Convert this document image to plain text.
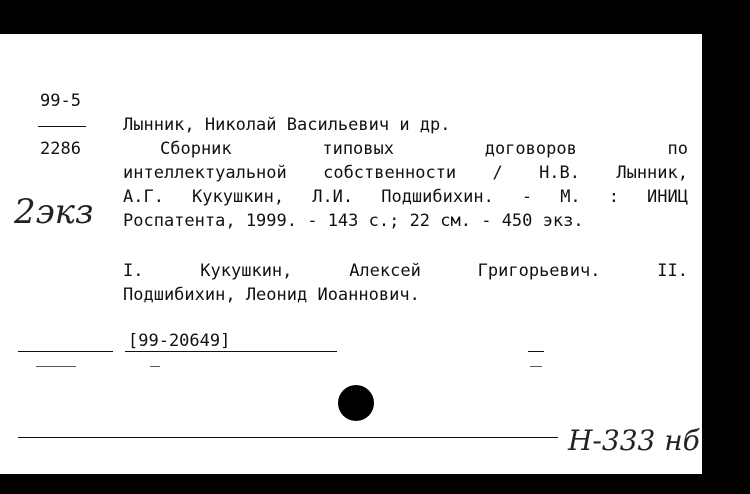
99-5
2286
2экз
Лынник, Николай Васильевич и др.
Сборник типовых договоров по
интеллектуальной собственности / Н.В. Лынник,
А.Г. Кукушкин, Л.И. Подшибихин. - М. : ИНИЦ
Роспатента, 1999. - 143 с.; 22 см. - 450 экз.
I. Кукушкин, Алексей Григорьевич. II.
Подшибихин, Леонид Иоаннович.
[99-20649]
Н-333 нб
